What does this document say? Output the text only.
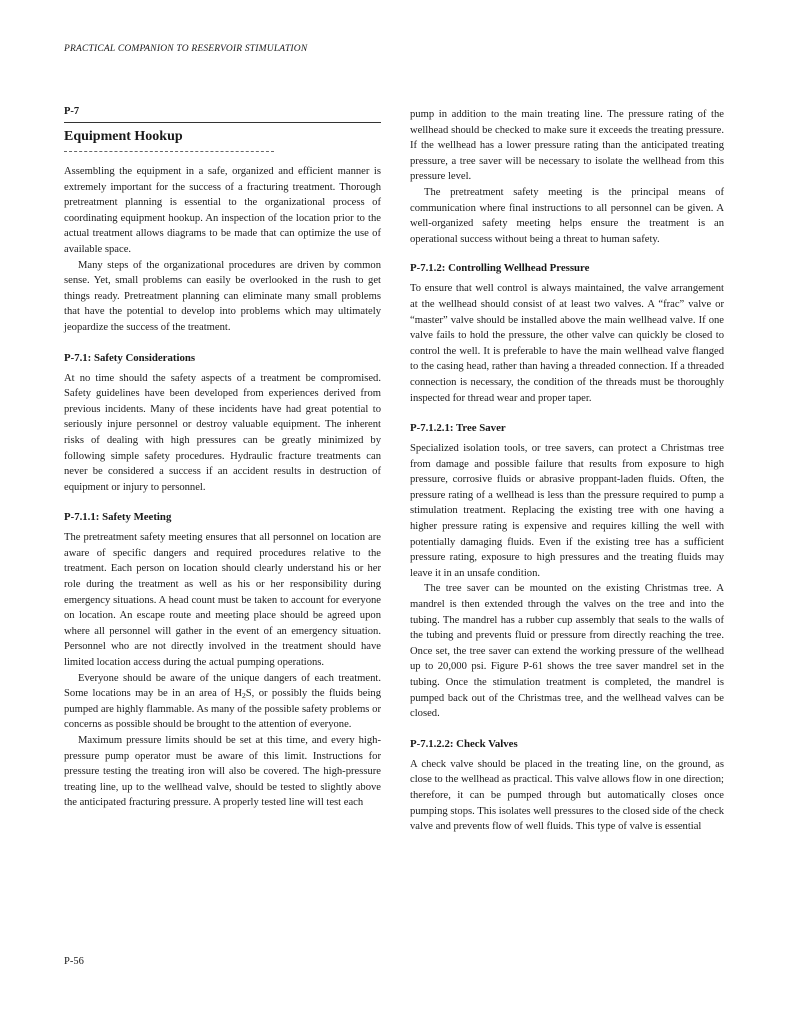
PRACTICAL COMPANION TO RESERVOIR STIMULATION

P-7

Equipment Hookup

Assembling the equipment in a safe, organized and efficient manner is extremely important for the success of a fracturing treatment. Thorough pretreatment planning is essential to the organizational process of coordinating equipment hookup. An inspection of the location prior to the actual treatment allows diagrams to be made that can optimize the use of available space.

Many steps of the organizational procedures are driven by common sense. Yet, small problems can easily be overlooked in the rush to get things ready. Pretreatment planning can eliminate many small problems that have the potential to develop into problems which may ultimately jeopardize the success of the treatment.

P-7.1: Safety Considerations

At no time should the safety aspects of a treatment be compromised. Safety guidelines have been developed from experiences derived from previous incidents. Many of these incidents have had great potential to seriously injure personnel or destroy valuable equipment. The inherent risks of dealing with high pressures can be greatly minimized by following simple safety procedures. Hydraulic fracture treatments can never be considered a success if an accident results in destruction of equipment or injury to personnel.

P-7.1.1: Safety Meeting

The pretreatment safety meeting ensures that all personnel on location are aware of specific dangers and required procedures relative to the treatment. Each person on location should clearly understand his or her role during the treatment as well as his or her responsibility during emergency situations. A head count must be taken to account for everyone on location. An escape route and meeting place should be agreed upon where all personnel will gather in the event of an emergency situation. Personnel who are not directly involved in the treatment should have limited location access during the actual pumping operations.

Everyone should be aware of the unique dangers of each treatment. Some locations may be in an area of $H_2S$, or possibly the fluids being pumped are highly flammable. As many of the possible safety problems or concerns as possible should be brought to the attention of everyone.

Maximum pressure limits should be set at this time, and every high-pressure pump operator must be aware of this limit. Instructions for pressure testing the treating iron will also be covered. The high-pressure treating line, up to the wellhead valve, should be tested to slightly above the anticipated fracturing pressure. A properly tested line will test each

pump in addition to the main treating line. The pressure rating of the wellhead should be checked to make sure it exceeds the treating pressure. If the wellhead has a lower pressure rating than the anticipated treating pressure, a tree saver will be necessary to isolate the wellhead from this pressure level.

The pretreatment safety meeting is the principal means of communication where final instructions to all personnel can be given. A well-organized safety meeting helps ensure the treatment is an operational success without being a threat to human safety.

P-7.1.2: Controlling Wellhead Pressure

To ensure that well control is always maintained, the valve arrangement at the wellhead should consist of at least two valves. A “frac” valve or “master” valve should be installed above the main wellhead valve. If one valve fails to hold the pressure, the other valve can quickly be closed to control the well. It is preferable to have the main wellhead valve flanged to the casing head, rather than having a threaded connection. If a threaded connection is necessary, the condition of the threads must be thoroughly inspected for thread wear and proper taper.

P-7.1.2.1: Tree Saver

Specialized isolation tools, or tree savers, can protect a Christmas tree from damage and possible failure that results from exposure to high pressure, corrosive fluids or abrasive proppant-laden fluids. Often, the pressure rating of a wellhead is less than the pressure required to pump a stimulation treatment. Replacing the existing tree with one having a higher pressure rating is expensive and requires killing the well with potentially damaging fluids. Even if the existing tree has a sufficient pressure rating, exposure to high pressures and the treating fluids may leave it in an unsafe condition.

The tree saver can be mounted on the existing Christmas tree. A mandrel is then extended through the valves on the tree and into the tubing. The mandrel has a rubber cup assembly that seals to the walls of the tubing and prevents fluid or pressure from directly reaching the tree. Once set, the tree saver can extend the working pressure of the wellhead up to 20,000 psi. Figure P-61 shows the tree saver mandrel set in the tubing. Once the stimulation treatment is completed, the mandrel is pumped back out of the Christmas tree, and the wellhead valves can be closed.

P-7.1.2.2: Check Valves

A check valve should be placed in the treating line, on the ground, as close to the wellhead as practical. This valve allows flow in one direction; therefore, it can be pumped through but automatically closes once pumping stops. This isolates well pressures to the closed side of the check valve and prevents flow of well fluids. This type of valve is essential

P-56
